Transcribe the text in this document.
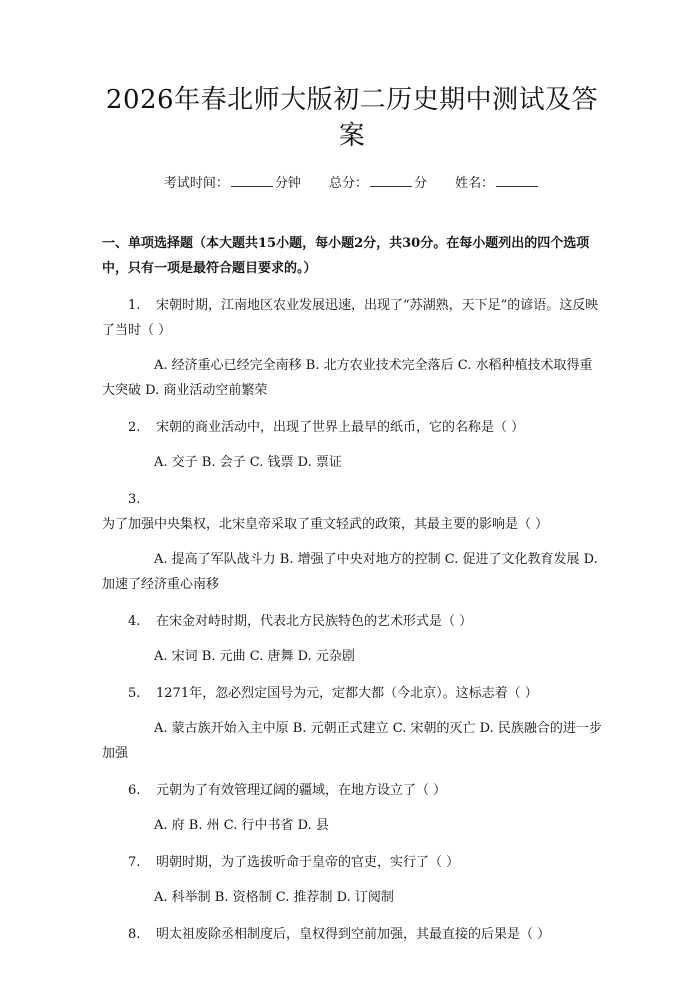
2026年春北师大版初二历史期中测试及答案
考试时间：	分钟 总分：	分 姓名：
一、单项选择题（本大题共15小题，每小题2分，共30分。在每小题列出的四个选项中，只有一项是最符合题目要求的。）
1. 宋朝时期，江南地区农业发展迅速，出现了“苏湖熟，天下足”的谚语。这反映了当时（ ）
A. 经济重心已经完全南移 B. 北方农业技术完全落后 C. 水稻种植技术取得重大突破 D. 商业活动空前繁荣
2. 宋朝的商业活动中，出现了世界上最早的纸币，它的名称是（ ）
A. 交子 B. 会子 C. 钱票 D. 票证
3.为了加强中央集权，北宋皇帝采取了重文轻武的政策，其最主要的影响是（ ）
A. 提高了军队战斗力 B. 增强了中央对地方的控制 C. 促进了文化教育发展 D. 加速了经济重心南移
4. 在宋金对峙时期，代表北方民族特色的艺术形式是（ ）
A. 宋词 B. 元曲 C. 唐舞 D. 元杂剧
5. 1271年，忽必烈定国号为元，定都大都（今北京）。这标志着（ ）
A. 蒙古族开始入主中原 B. 元朝正式建立 C. 宋朝的灭亡 D. 民族融合的进一步加强
6. 元朝为了有效管理辽阔的疆域，在地方设立了（ ）
A. 府 B. 州 C. 行中书省 D. 县
7. 明朝时期，为了选拔听命于皇帝的官吏，实行了（ ）
A. 科举制 B. 资格制 C. 推荐制 D. 订阅制
8. 明太祖废除丞相制度后，皇权得到空前加强，其最直接的后果是（ ）
